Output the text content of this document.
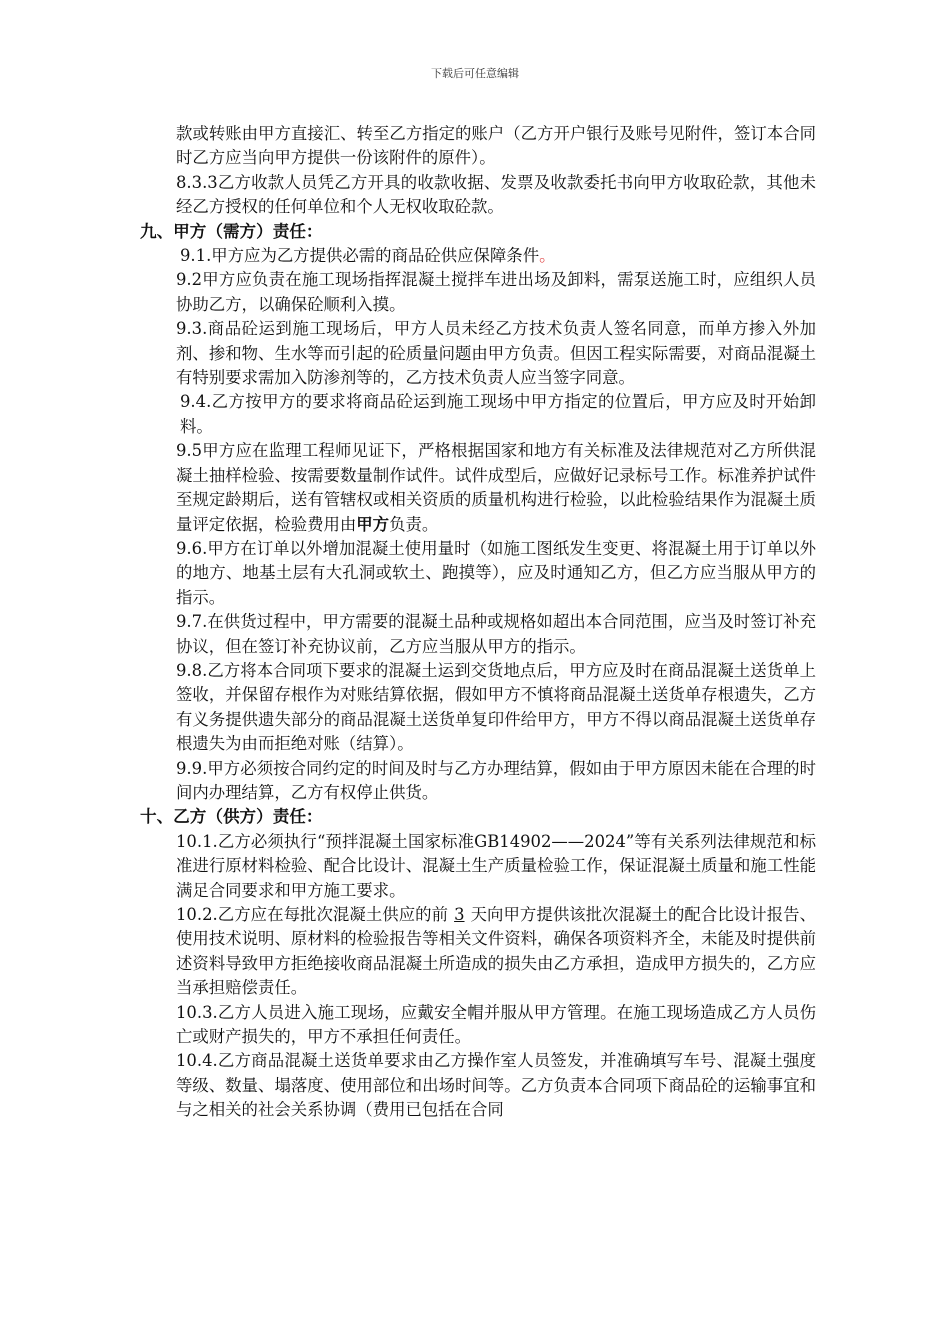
下载后可任意编辑

款或转账由甲方直接汇、转至乙方指定的账户（乙方开户银行及账号见附件，签订本合同时乙方应当向甲方提供一份该附件的原件）。

8.3.3乙方收款人员凭乙方开具的收款收据、发票及收款委托书向甲方收取砼款，其他未经乙方授权的任何单位和个人无权收取砼款。

九、甲方（需方）责任：

9.1.甲方应为乙方提供必需的商品砼供应保障条件。

9.2甲方应负责在施工现场指挥混凝土搅拌车进出场及卸料，需泵送施工时，应组织人员协助乙方，以确保砼顺利入摸。

9.3.商品砼运到施工现场后，甲方人员未经乙方技术负责人签名同意，而单方掺入外加剂、掺和物、生水等而引起的砼质量问题由甲方负责。但因工程实际需要，对商品混凝土有特别要求需加入防渗剂等的，乙方技术负责人应当签字同意。

9.4.乙方按甲方的要求将商品砼运到施工现场中甲方指定的位置后，甲方应及时开始卸料。

9.5甲方应在监理工程师见证下，严格根据国家和地方有关标准及法律规范对乙方所供混凝土抽样检验、按需要数量制作试件。试件成型后，应做好记录标号工作。标准养护试件至规定龄期后，送有管辖权或相关资质的质量机构进行检验，以此检验结果作为混凝土质量评定依据，检验费用由甲方负责。

9.6.甲方在订单以外增加混凝土使用量时（如施工图纸发生变更、将混凝土用于订单以外的地方、地基土层有大孔洞或软土、跑摸等），应及时通知乙方，但乙方应当服从甲方的指示。

9.7.在供货过程中，甲方需要的混凝土品种或规格如超出本合同范围，应当及时签订补充协议，但在签订补充协议前，乙方应当服从甲方的指示。

9.8.乙方将本合同项下要求的混凝土运到交货地点后，甲方应及时在商品混凝土送货单上签收，并保留存根作为对账结算依据，假如甲方不慎将商品混凝土送货单存根遗失，乙方有义务提供遗失部分的商品混凝土送货单复印件给甲方，甲方不得以商品混凝土送货单存根遗失为由而拒绝对账（结算）。

9.9.甲方必须按合同约定的时间及时与乙方办理结算，假如由于甲方原因未能在合理的时间内办理结算，乙方有权停止供货。

十、乙方（供方）责任：

10.1.乙方必须执行“预拌混凝土国家标准GB14902——2024”等有关系列法律规范和标准进行原材料检验、配合比设计、混凝土生产质量检验工作，保证混凝土质量和施工性能满足合同要求和甲方施工要求。

10.2.乙方应在每批次混凝土供应的前 3 天向甲方提供该批次混凝土的配合比设计报告、使用技术说明、原材料的检验报告等相关文件资料，确保各项资料齐全，未能及时提供前述资料导致甲方拒绝接收商品混凝土所造成的损失由乙方承担，造成甲方损失的，乙方应当承担赔偿责任。

10.3.乙方人员进入施工现场，应戴安全帽并服从甲方管理。在施工现场造成乙方人员伤亡或财产损失的，甲方不承担任何责任。

10.4.乙方商品混凝土送货单要求由乙方操作室人员签发，并准确填写车号、混凝土强度等级、数量、塌落度、使用部位和出场时间等。乙方负责本合同项下商品砼的运输事宜和与之相关的社会关系协调（费用已包括在合同
